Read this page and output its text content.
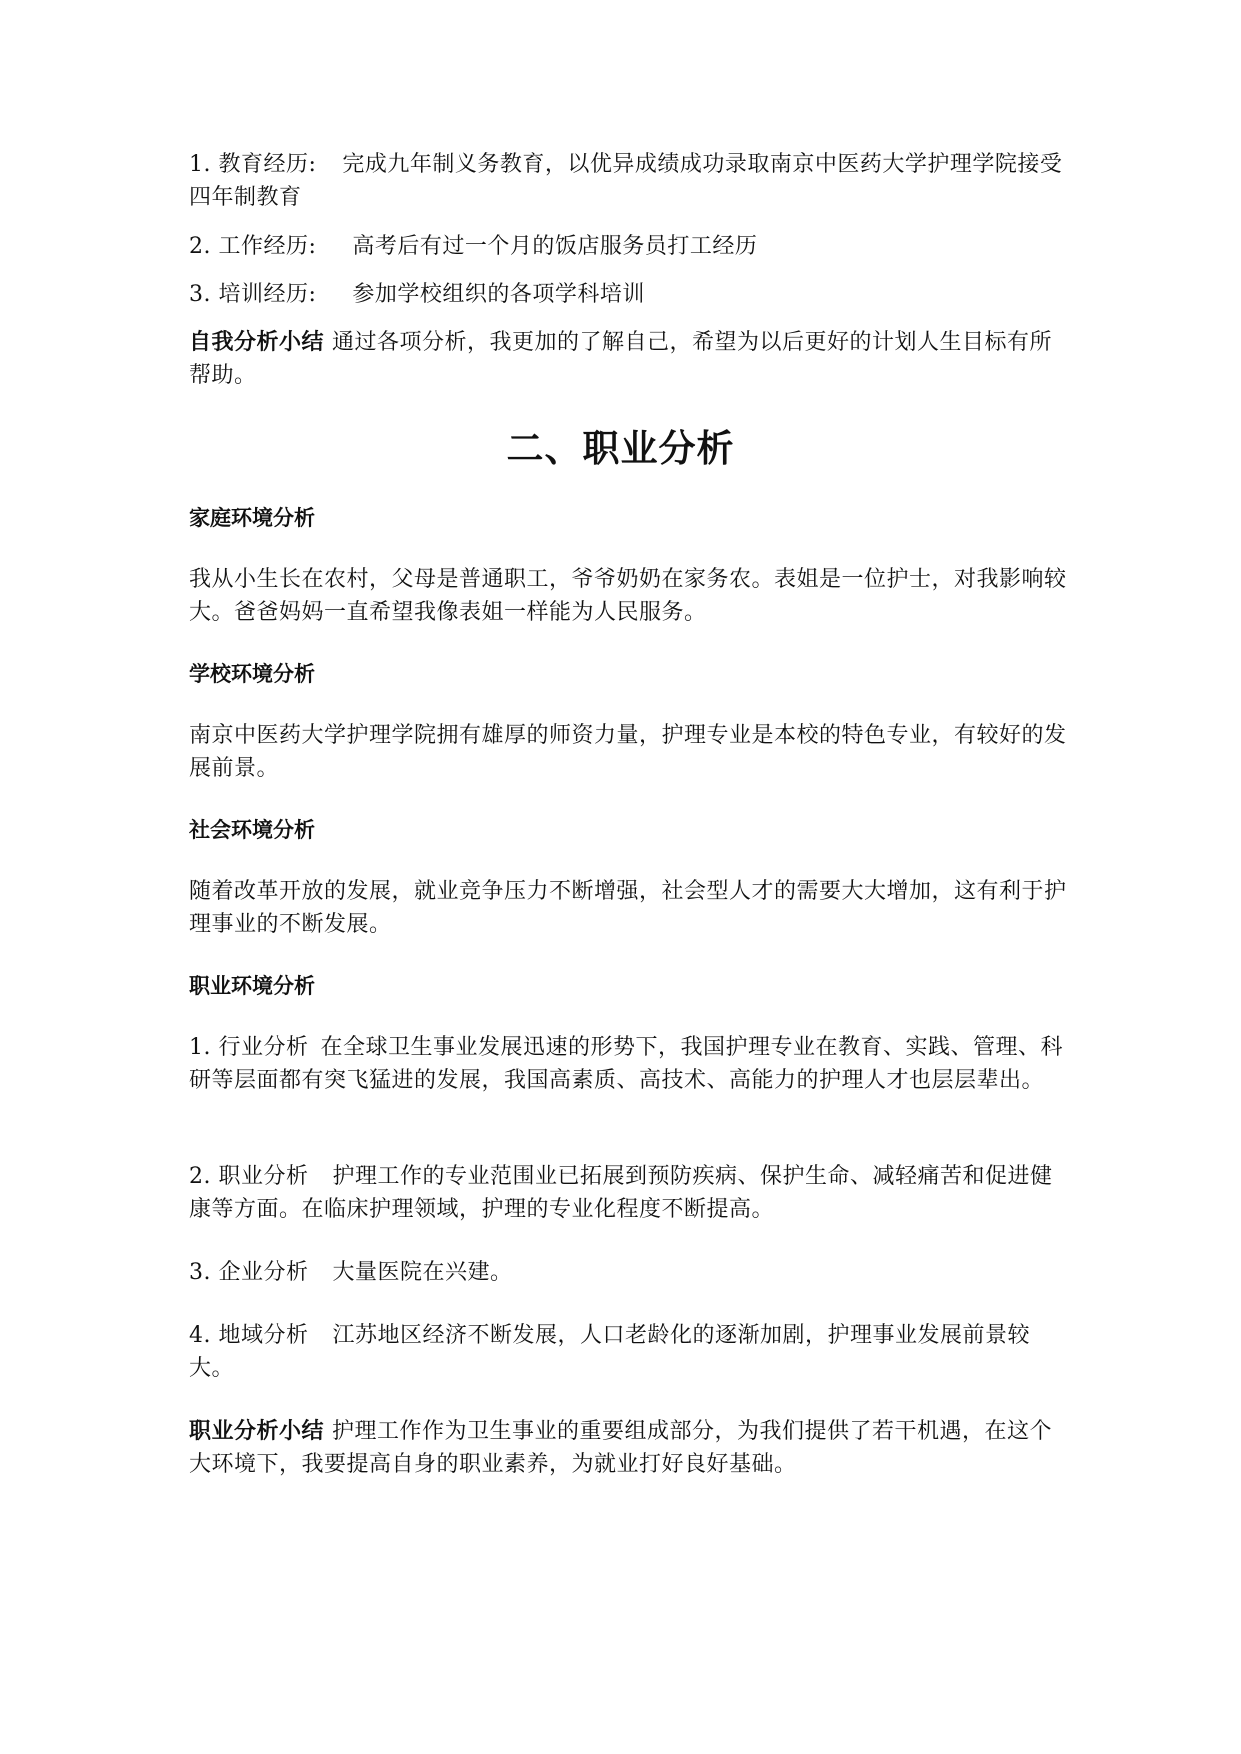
1. 教育经历: 完成九年制义务教育，以优异成绩成功录取南京中医药大学护理学院接受四年制教育

2. 工作经历: 高考后有过一个月的饭店服务员打工经历

3. 培训经历: 参加学校组织的各项学科培训

自我分析小结 通过各项分析，我更加的了解自己，希望为以后更好的计划人生目标有所帮助。

二、职业分析
家庭环境分析

我从小生长在农村，父母是普通职工，爷爷奶奶在家务农。表姐是一位护士，对我影响较大。爸爸妈妈一直希望我像表姐一样能为人民服务。

学校环境分析

南京中医药大学护理学院拥有雄厚的师资力量，护理专业是本校的特色专业，有较好的发展前景。

社会环境分析

随着改革开放的发展，就业竞争压力不断增强，社会型人才的需要大大增加，这有利于护理事业的不断发展。

职业环境分析

1. 行业分析 在全球卫生事业发展迅速的形势下，我国护理专业在教育、实践、管理、科研等层面都有突飞猛进的发展，我国高素质、高技术、高能力的护理人才也层层辈出。

2. 职业分析 护理工作的专业范围业已拓展到预防疾病、保护生命、减轻痛苦和促进健康等方面。在临床护理领域，护理的专业化程度不断提高。

3. 企业分析 大量医院在兴建。

4. 地域分析 江苏地区经济不断发展，人口老龄化的逐渐加剧，护理事业发展前景较大。

职业分析小结 护理工作作为卫生事业的重要组成部分，为我们提供了若干机遇，在这个大环境下，我要提高自身的职业素养，为就业打好良好基础。
